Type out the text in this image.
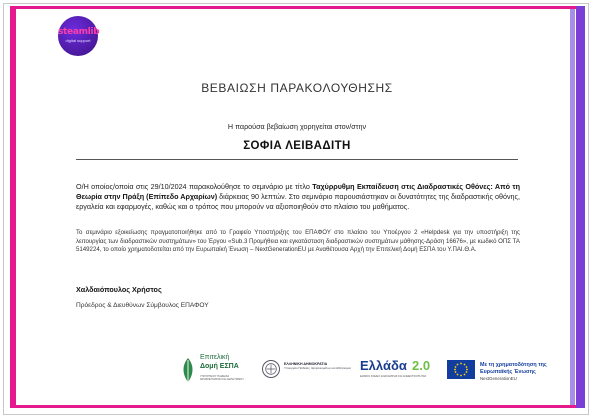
steamlib
digital support
ΒΕΒΑΙΩΣΗ ΠΑΡΑΚΟΛΟΥΘΗΣΗΣ
Η παρούσα βεβαίωση χορηγείται στον/στην
ΣΟΦΙΑ ΛΕΙΒΑΔΙΤΗ
Ο/Η οποίος/οποία στις 29/10/2024 παρακολούθησε το σεμινάριο με τίτλο Ταχύρρυθμη Εκπαίδευση στις Διαδραστικές Οθόνες: Από τη Θεωρία στην Πράξη (Επίπεδο Αρχαρίων) διάρκειας 90 λεπτών. Στο σεμινάριο παρουσιάστηκαν οι δυνατότητες της διαδραστικής οθόνης, εργαλεία και εφαρμογές, καθώς και ο τρόπος που μπορούν να αξιοποιηθούν στο πλαίσιο του μαθήματος.
Το σεμινάριο εξοικείωσης πραγματοποιήθηκε από το Γραφείο Υποστήριξης του ΕΠΑΦΟΥ στο πλαίσιο του Υποέργου 2 «Helpdesk για την υποστήριξη της λειτουργίας των διαδραστικών συστημάτων» του Έργου «Sub.3 Προμήθεια και εγκατάσταση διαδραστικών συστημάτων μάθησης-Δράση 16676», με κωδικό ΟΠΣ ΤΑ 5149224, το οποίο χρηματοδοτείται από την Ευρωπαϊκή Ένωση – NextGenerationEU με Αναθέτουσα Αρχή την Επιτελική Δομή ΕΣΠΑ του Υ.ΠΑΙ.Θ.Α.
Χαλδαιόπουλος Χρήστος
Πρόεδρος & Διευθύνων Σύμβουλος ΕΠΑΦΟΥ
Επιτελική
Δομή ΕΣΠΑ
ΥΠΟΥΡΓΕΙΟΥ ΠΑΙΔΕΙΑΣ ΘΡΗΣΚΕΥΜΑΤΩΝ ΚΑΙ ΑΘΛΗΤΙΣΜΟΥ
ΕΛΛΗΝΙΚΗ ΔΗΜΟΚΡΑΤΙΑ
Υπουργείο Παιδείας, Θρησκευμάτων και Αθλητισμού Ελλάδα 2.0
ΕΘΝΙΚΟ ΣΧΕΔΙΟ ΑΝΑΚΑΜΨΗΣ ΚΑΙ ΑΝΘΕΚΤΙΚΟΤΗΤΑΣ
Με τη χρηματοδότηση της Ευρωπαϊκής Ένωσης
NextGenerationEU
